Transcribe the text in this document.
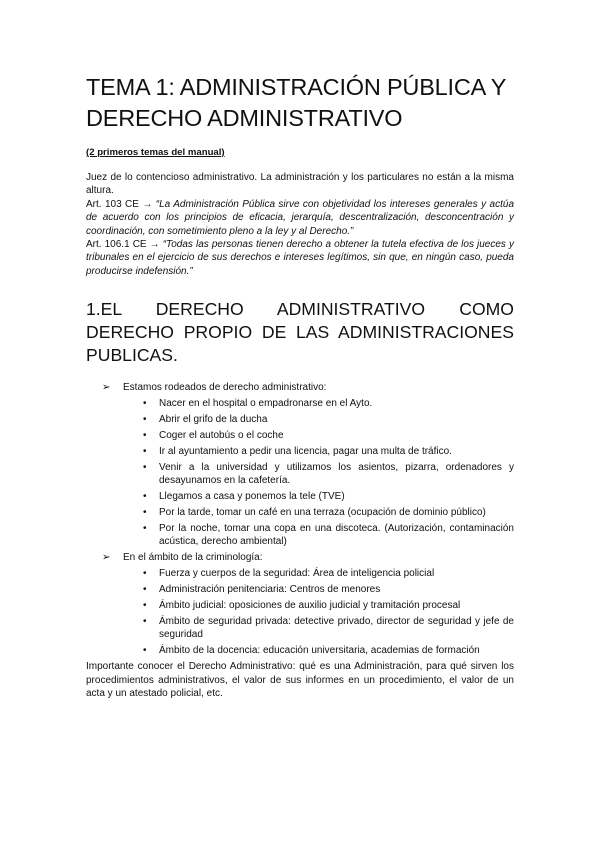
TEMA 1: ADMINISTRACIÓN PÚBLICA Y DERECHO ADMINISTRATIVO
(2 primeros temas del manual)

Juez de lo contencioso administrativo. La administración y los particulares no están a la misma altura.

Art. 103 CE → “La Administración Pública sirve con objetividad los intereses generales y actúa de acuerdo con los principios de eficacia, jerarquía, descentralización, desconcentración y coordinación, con sometimiento pleno a la ley y al Derecho.”

Art. 106.1 CE → “Todas las personas tienen derecho a obtener la tutela efectiva de los jueces y tribunales en el ejercicio de sus derechos e intereses legítimos, sin que, en ningún caso, pueda producirse indefensión.”

1.EL DERECHO ADMINISTRATIVO COMO DERECHO PROPIO DE LAS ADMINISTRACIONES PUBLICAS.
➢ Estamos rodeados de derecho administrativo:
• Nacer en el hospital o empadronarse en el Ayto.
• Abrir el grifo de la ducha
• Coger el autobús o el coche
• Ir al ayuntamiento a pedir una licencia, pagar una multa de tráfico.
• Venir a la universidad y utilizamos los asientos, pizarra, ordenadores y desayunamos en la cafetería.
• Llegamos a casa y ponemos la tele (TVE)
• Por la tarde, tomar un café en una terraza (ocupación de dominio público)
• Por la noche, tomar una copa en una discoteca. (Autorización, contaminación acústica, derecho ambiental)
➢ En el ámbito de la criminología:
• Fuerza y cuerpos de la seguridad: Área de inteligencia policial
• Administración penitenciaria: Centros de menores
• Ámbito judicial: oposiciones de auxilio judicial y tramitación procesal
• Ámbito de seguridad privada: detective privado, director de seguridad y jefe de seguridad
• Ámbito de la docencia: educación universitaria, academias de formación

Importante conocer el Derecho Administrativo: qué es una Administración, para qué sirven los procedimientos administrativos, el valor de sus informes en un procedimiento, el valor de un acta y un atestado policial, etc.
